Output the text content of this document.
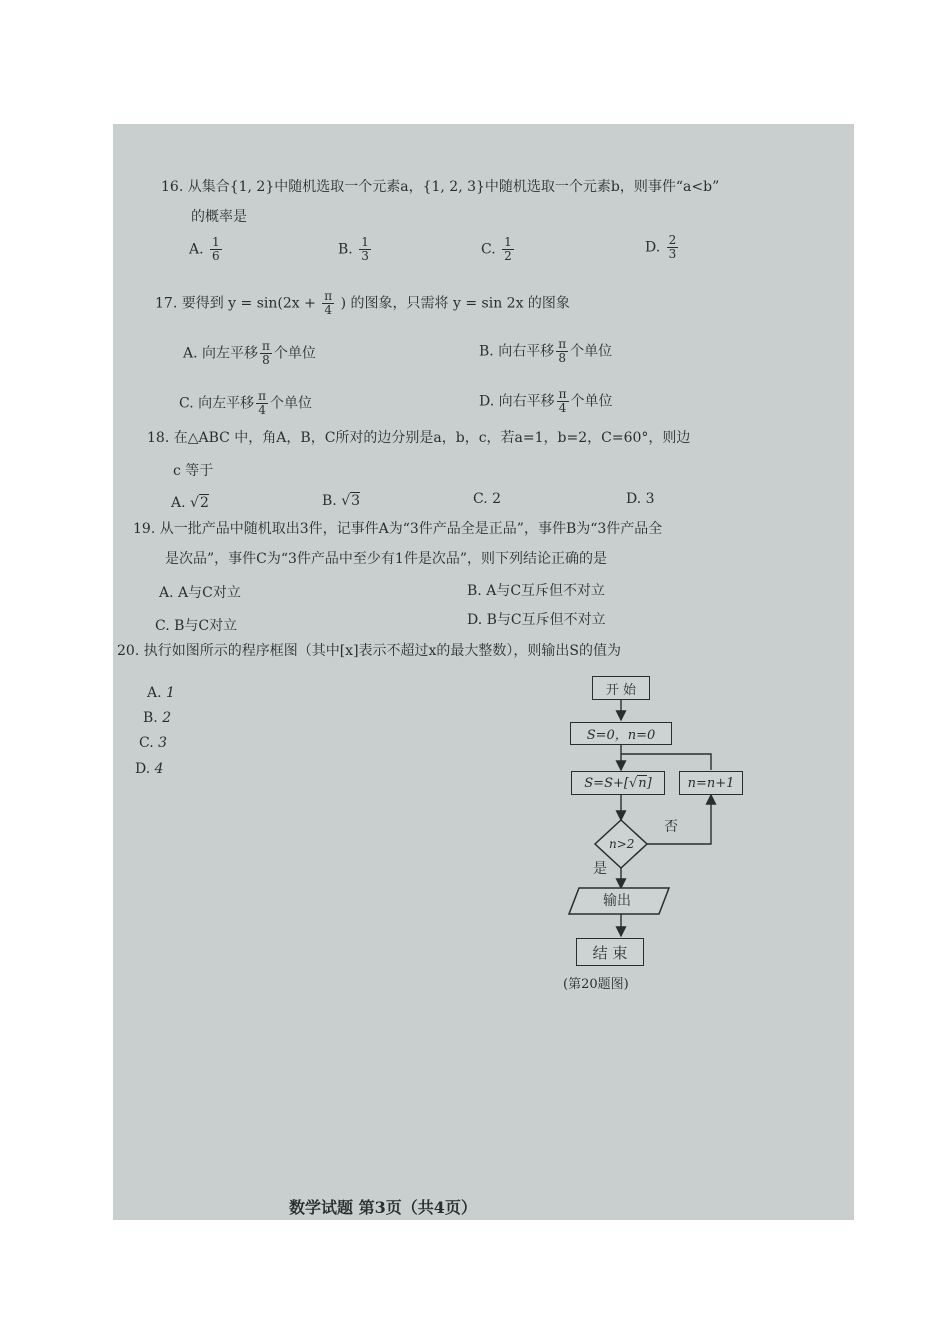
16. 从集合{1, 2}中随机选取一个元素a，{1, 2, 3}中随机选取一个元素b，则事件“a<b”
的概率是
A. $\frac{1}{6}$	B. $\frac{1}{3}$	C. $\frac{1}{2}$	D. $\frac{2}{3}$
17. 要得到 $y = \sin(2x + \frac{\pi}{4}$ ) 的图象，只需将 y = sin 2x 的图象
A. 向左平移 $\frac{\pi}{8}$ 个单位	B. 向右平移 $\frac{\pi}{8}$ 个单位
C. 向左平移 $\frac{\pi}{4}$ 个单位	D. 向右平移 $\frac{\pi}{4}$ 个单位
18. 在△ABC 中，角A，B，C所对的边分别是a，b，c，若a=1，b=2，C=60°，则边
c 等于
A. √2	B. √3	C. 2	D. 3
19. 从一批产品中随机取出3件，记事件A为“3件产品全是正品”，事件B为“3件产品全
是次品”，事件C为“3件产品中至少有1件是次品”，则下列结论正确的是
A. A与C对立	B. A与C互斥但不对立
C. B与C对立	D. B与C互斥但不对立
20. 执行如图所示的程序框图（其中[x]表示不超过x的最大整数），则输出S的值为
A. 1
B. 2
C. 3
D. 4
开 始
S=0，n=0
S=S+[ √ n ]	n=n+1
n>2
否
是
输出
结 束
(第20题图)
数学试题 第3页（共4页）
